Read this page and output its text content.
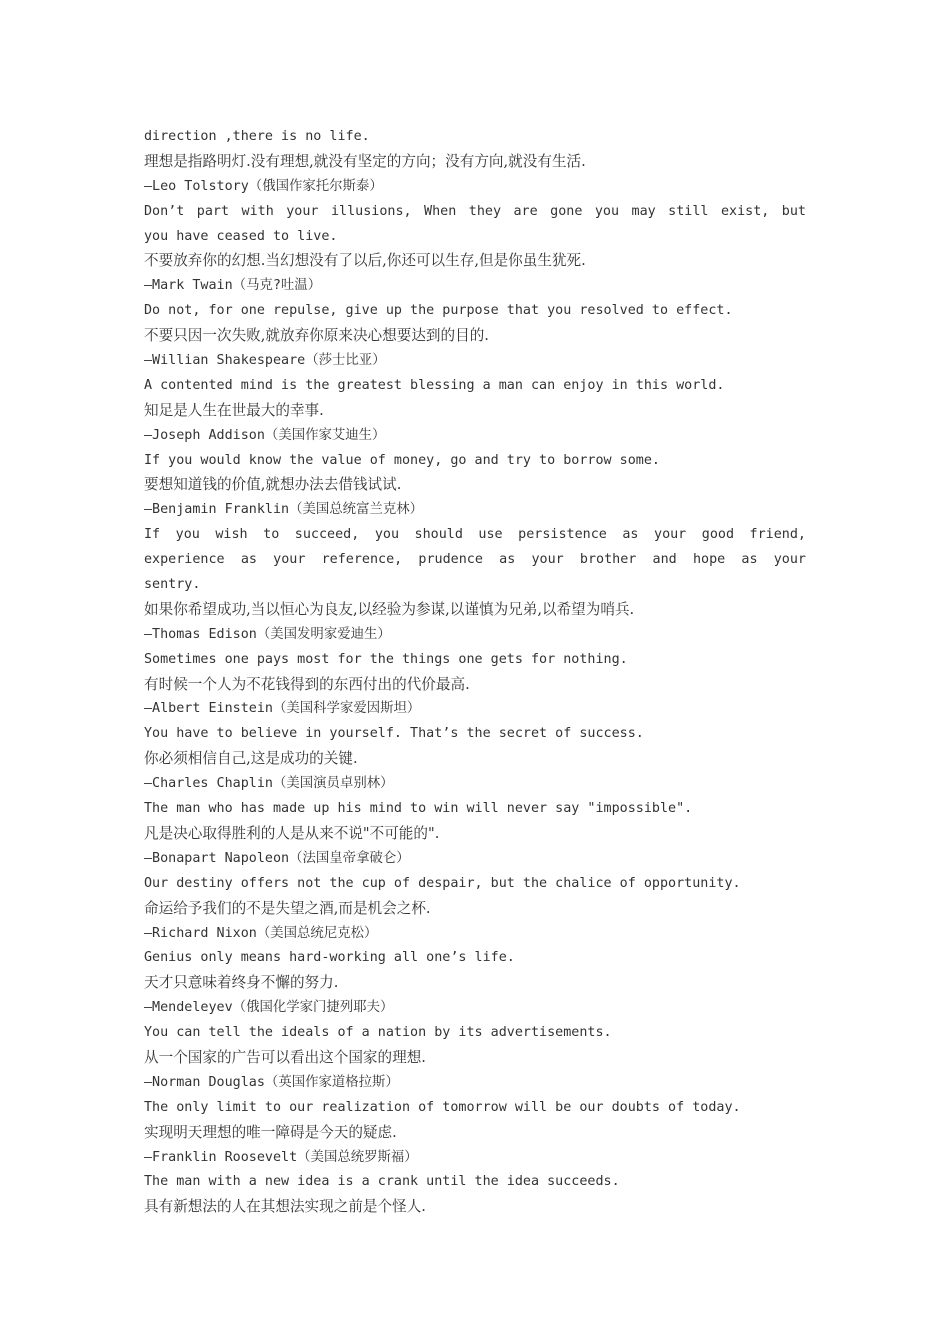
direction ,there is no life.
理想是指路明灯.没有理想,就没有坚定的方向；没有方向,就没有生活.
—Leo Tolstory（俄国作家托尔斯泰）
Don’t part with your illusions, When they are gone you may still exist, but
you have ceased to live.
不要放弃你的幻想.当幻想没有了以后,你还可以生存,但是你虽生犹死.
—Mark Twain（马克?吐温）
Do not, for one repulse, give up the purpose that you resolved to effect.
不要只因一次失败,就放弃你原来决心想要达到的目的.
—Willian Shakespeare（莎士比亚）
A contented mind is the greatest blessing a man can enjoy in this world.
知足是人生在世最大的幸事.
—Joseph Addison（美国作家艾迪生）
If you would know the value of money, go and try to borrow some.
要想知道钱的价值,就想办法去借钱试试.
—Benjamin Franklin（美国总统富兰克林）
If you wish to succeed, you should use persistence as your good friend,
experience as your reference, prudence as your brother and hope as your
sentry.
如果你希望成功,当以恒心为良友,以经验为参谋,以谨慎为兄弟,以希望为哨兵.
—Thomas Edison（美国发明家爱迪生）
Sometimes one pays most for the things one gets for nothing.
有时候一个人为不花钱得到的东西付出的代价最高.
—Albert Einstein（美国科学家爱因斯坦）
You have to believe in yourself. That’s the secret of success.
你必须相信自己,这是成功的关键.
—Charles Chaplin（美国演员卓别林）
The man who has made up his mind to win will never say "impossible".
凡是决心取得胜利的人是从来不说"不可能的".
—Bonapart Napoleon（法国皇帝拿破仑）
Our destiny offers not the cup of despair, but the chalice of opportunity.
命运给予我们的不是失望之酒,而是机会之杯.
—Richard Nixon（美国总统尼克松）
Genius only means hard-working all one’s life.
天才只意味着终身不懈的努力.
—Mendeleyev（俄国化学家门捷列耶夫）
You can tell the ideals of a nation by its advertisements.
从一个国家的广告可以看出这个国家的理想.
—Norman Douglas（英国作家道格拉斯）
The only limit to our realization of tomorrow will be our doubts of today.
实现明天理想的唯一障碍是今天的疑虑.
—Franklin Roosevelt（美国总统罗斯福）
The man with a new idea is a crank until the idea succeeds.
具有新想法的人在其想法实现之前是个怪人.
